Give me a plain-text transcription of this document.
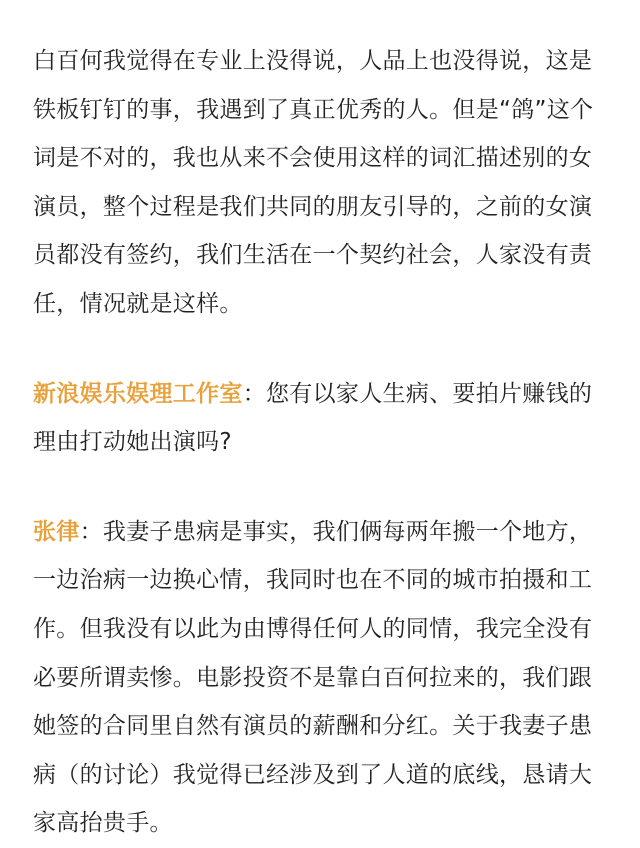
白百何我觉得在专业上没得说，人品上也没得说，这是铁板钉钉的事，我遇到了真正优秀的人。但是“鸽”这个词是不对的，我也从来不会使用这样的词汇描述别的女演员，整个过程是我们共同的朋友引导的，之前的女演员都没有签约，我们生活在一个契约社会，人家没有责任，情况就是这样。

新浪娱乐娱理工作室：您有以家人生病、要拍片赚钱的理由打动她出演吗?

张律：我妻子患病是事实，我们俩每两年搬一个地方，一边治病一边换心情，我同时也在不同的城市拍摄和工作。但我没有以此为由博得任何人的同情，我完全没有必要所谓卖惨。电影投资不是靠白百何拉来的，我们跟她签的合同里自然有演员的薪酬和分红。关于我妻子患病（的讨论）我觉得已经涉及到了人道的底线，恳请大家高抬贵手。
